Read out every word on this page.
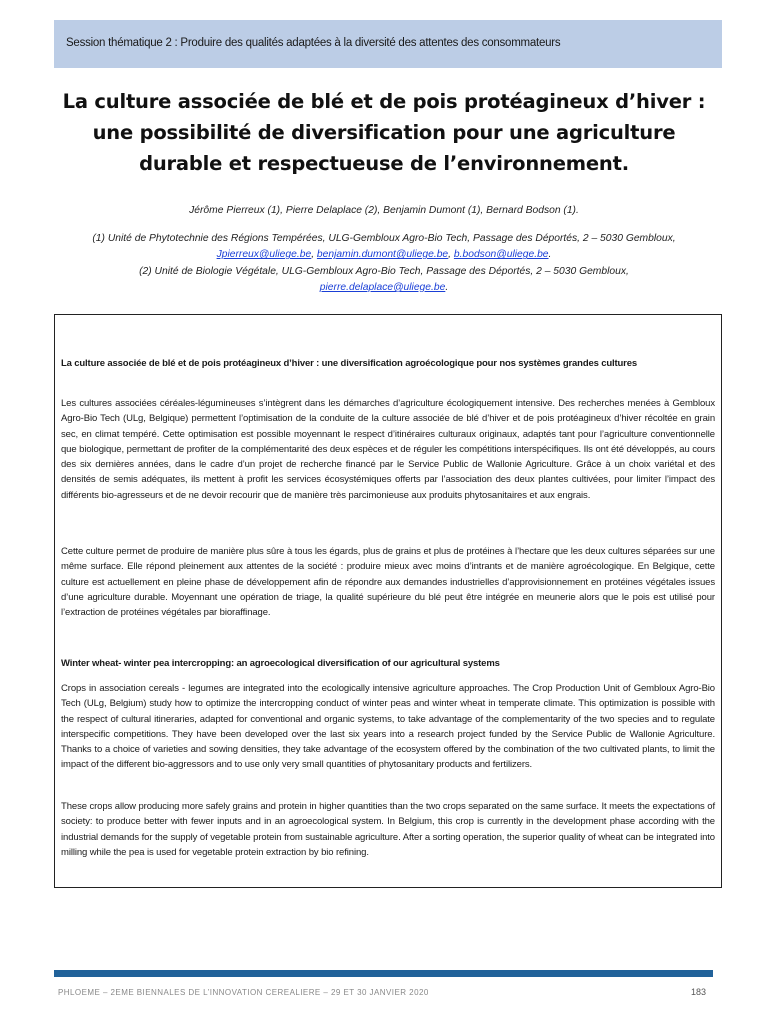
Session thématique 2 : Produire des qualités adaptées à la diversité des attentes des consommateurs
La culture associée de blé et de pois protéagineux d’hiver :
une possibilité de diversification pour une agriculture
durable et respectueuse de l’environnement.
Jérôme Pierreux (1), Pierre Delaplace (2), Benjamin Dumont (1), Bernard Bodson (1).
(1) Unité de Phytotechnie des Régions Tempérées, ULG-Gembloux Agro-Bio Tech, Passage des Déportés, 2 – 5030 Gembloux,
Jpierreux@uliege.be, benjamin.dumont@uliege.be, b.bodson@uliege.be.
(2) Unité de Biologie Végétale, ULG-Gembloux Agro-Bio Tech, Passage des Déportés, 2 – 5030 Gembloux,
pierre.delaplace@uliege.be.
La culture associée de blé et de pois protéagineux d’hiver : une diversification agroécologique pour nos systèmes grandes cultures
Les cultures associées céréales-légumineuses s’intègrent dans les démarches d’agriculture écologiquement intensive. Des recherches menées à Gembloux Agro-Bio Tech (ULg, Belgique) permettent l’optimisation de la conduite de la culture associée de blé d’hiver et de pois protéagineux d’hiver récoltée en grain sec, en climat tempéré. Cette optimisation est possible moyennant le respect d’itinéraires culturaux originaux, adaptés tant pour l’agriculture conventionnelle que biologique, permettant de profiter de la complémentarité des deux espèces et de réguler les compétitions interspécifiques. Ils ont été développés, au cours des six dernières années, dans le cadre d’un projet de recherche financé par le Service Public de Wallonie Agriculture. Grâce à un choix variétal et des densités de semis adéquates, ils mettent à profit les services écosystémiques offerts par l’association des deux plantes cultivées, pour limiter l’impact des différents bio-agresseurs et de ne devoir recourir que de manière très parcimonieuse aux produits phytosanitaires et aux engrais.
Cette culture permet de produire de manière plus sûre à tous les égards, plus de grains et plus de protéines à l’hectare que les deux cultures séparées sur une même surface. Elle répond pleinement aux attentes de la société : produire mieux avec moins d’intrants et de manière agroécologique. En Belgique, cette culture est actuellement en pleine phase de développement afin de répondre aux demandes industrielles d’approvisionnement en protéines végétales issues d’une agriculture durable. Moyennant une opération de triage, la qualité supérieure du blé peut être intégrée en meunerie alors que le pois est utilisé pour l’extraction de protéines végétales par bioraffinage.
Winter wheat- winter pea intercropping: an agroecological diversification of our agricultural systems
Crops in association cereals - legumes are integrated into the ecologically intensive agriculture approaches. The Crop Production Unit of Gembloux Agro-Bio Tech (ULg, Belgium) study how to optimize the intercropping conduct of winter peas and winter wheat in temperate climate. This optimization is possible with the respect of cultural itineraries, adapted for conventional and organic systems, to take advantage of the complementarity of the two species and to regulate interspecific competitions. They have been developed over the last six years into a research project funded by the Service Public de Wallonie Agriculture. Thanks to a choice of varieties and sowing densities, they take advantage of the ecosystem offered by the combination of the two cultivated plants, to limit the impact of the different bio-aggressors and to use only very small quantities of phytosanitary products and fertilizers.
These crops allow producing more safely grains and protein in higher quantities than the two crops separated on the same surface. It meets the expectations of society: to produce better with fewer inputs and in an agroecological system. In Belgium, this crop is currently in the development phase according with the industrial demands for the supply of vegetable protein from sustainable agriculture. After a sorting operation, the superior quality of wheat can be integrated into milling while the pea is used for vegetable protein extraction by bio refining.
PHLOEME – 2EME BIENNALES DE L’INNOVATION CEREALIERE – 29 ET 30 JANVIER 2020	183
